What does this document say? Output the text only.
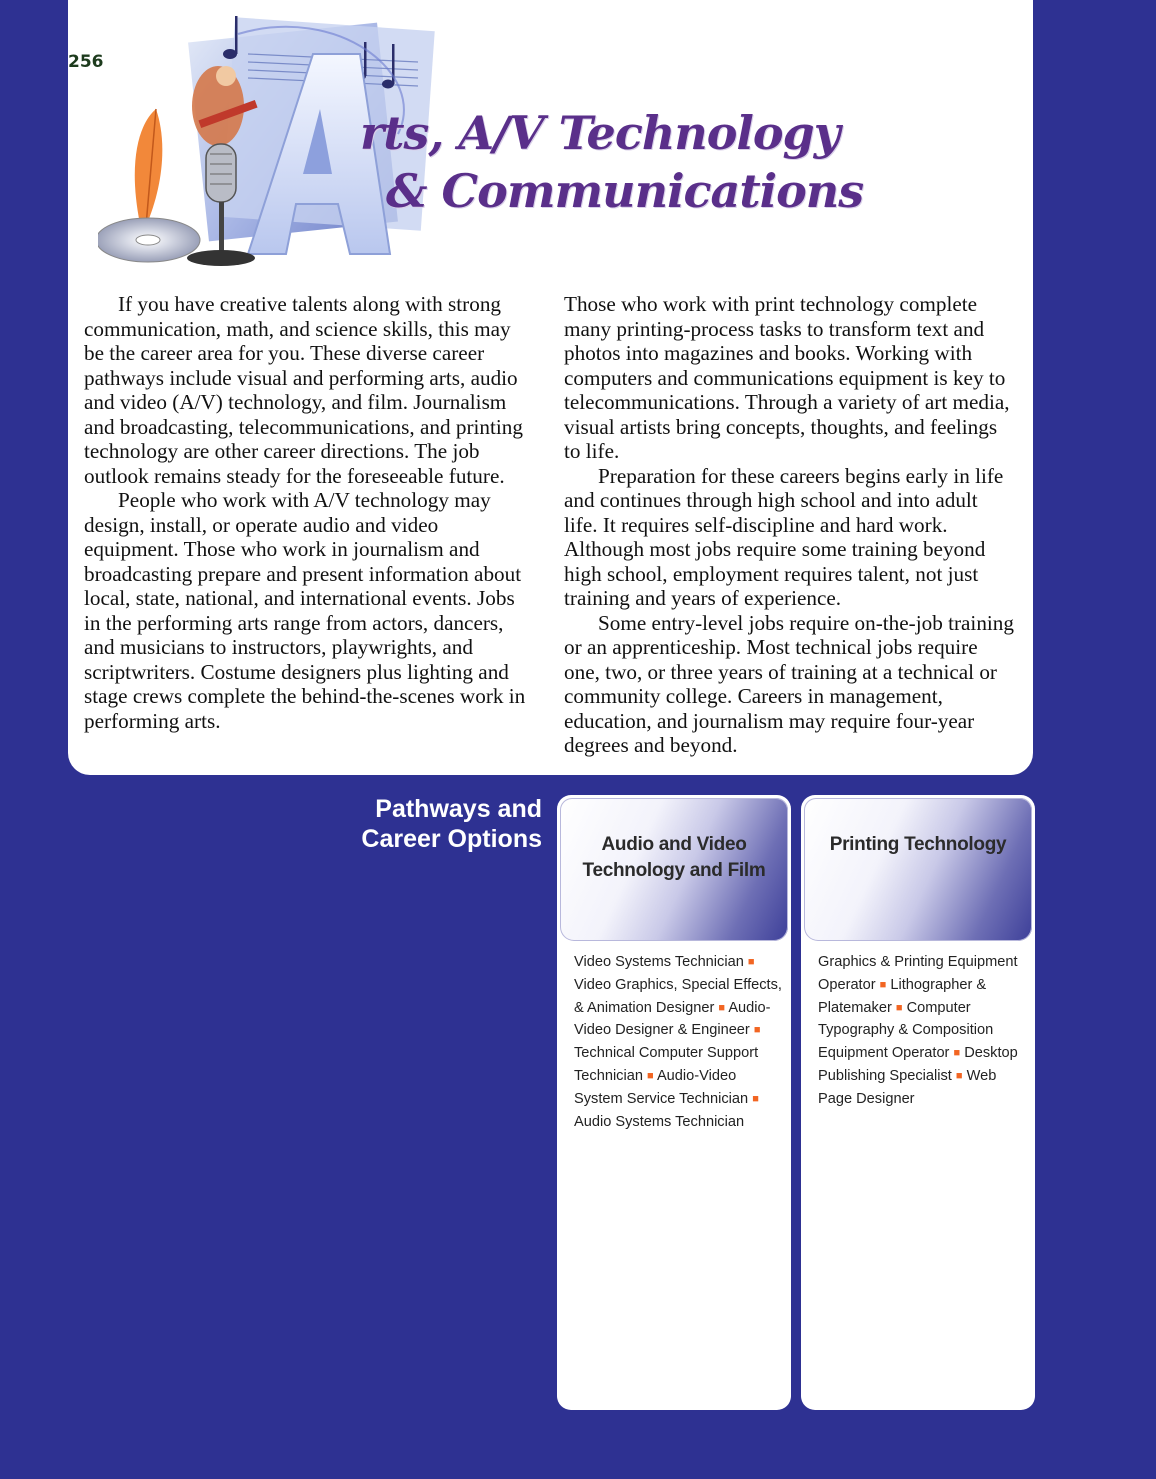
256
rts, A/V Technology
& Communications

If you have creative talents along with strong communication, math, and science skills, this may be the career area for you. These diverse career pathways include visual and performing arts, audio and video (A/V) technology, and film. Journalism and broadcasting, telecommunications, and printing technology are other career directions. The job outlook remains steady for the foreseeable future.

People who work with A/V technology may design, install, or operate audio and video equipment. Those who work in journalism and broadcasting prepare and present information about local, state, national, and international events. Jobs in the performing arts range from actors, dancers, and musicians to instructors, playwrights, and scriptwriters. Costume designers plus lighting and stage crews complete the behind-the-scenes work in performing arts.

Those who work with print technology complete many printing-process tasks to transform text and photos into magazines and books. Working with computers and communications equipment is key to telecommunications. Through a variety of art media, visual artists bring concepts, thoughts, and feelings to life.

Preparation for these careers begins early in life and continues through high school and into adult life. It requires self-discipline and hard work. Although most jobs require some training beyond high school, employment requires talent, not just training and years of experience.

Some entry-level jobs require on-the-job training or an apprenticeship. Most technical jobs require one, two, or three years of training at a technical or community college. Careers in management, education, and journalism may require four-year degrees and beyond.

Pathways and
Career Options	Audio and Video
Technology and Film
Video Systems Technician ■ Video Graphics, Special Effects, & Animation Designer ■ Audio-Video Designer & Engineer ■ Technical Computer Support Technician ■ Audio-Video System Service Technician ■ Audio Systems Technician
Printing Technology
Graphics & Printing Equipment Operator ■ Lithographer & Platemaker ■ Computer Typography & Composition Equipment Operator ■ Desktop Publishing Specialist ■ Web Page Designer
